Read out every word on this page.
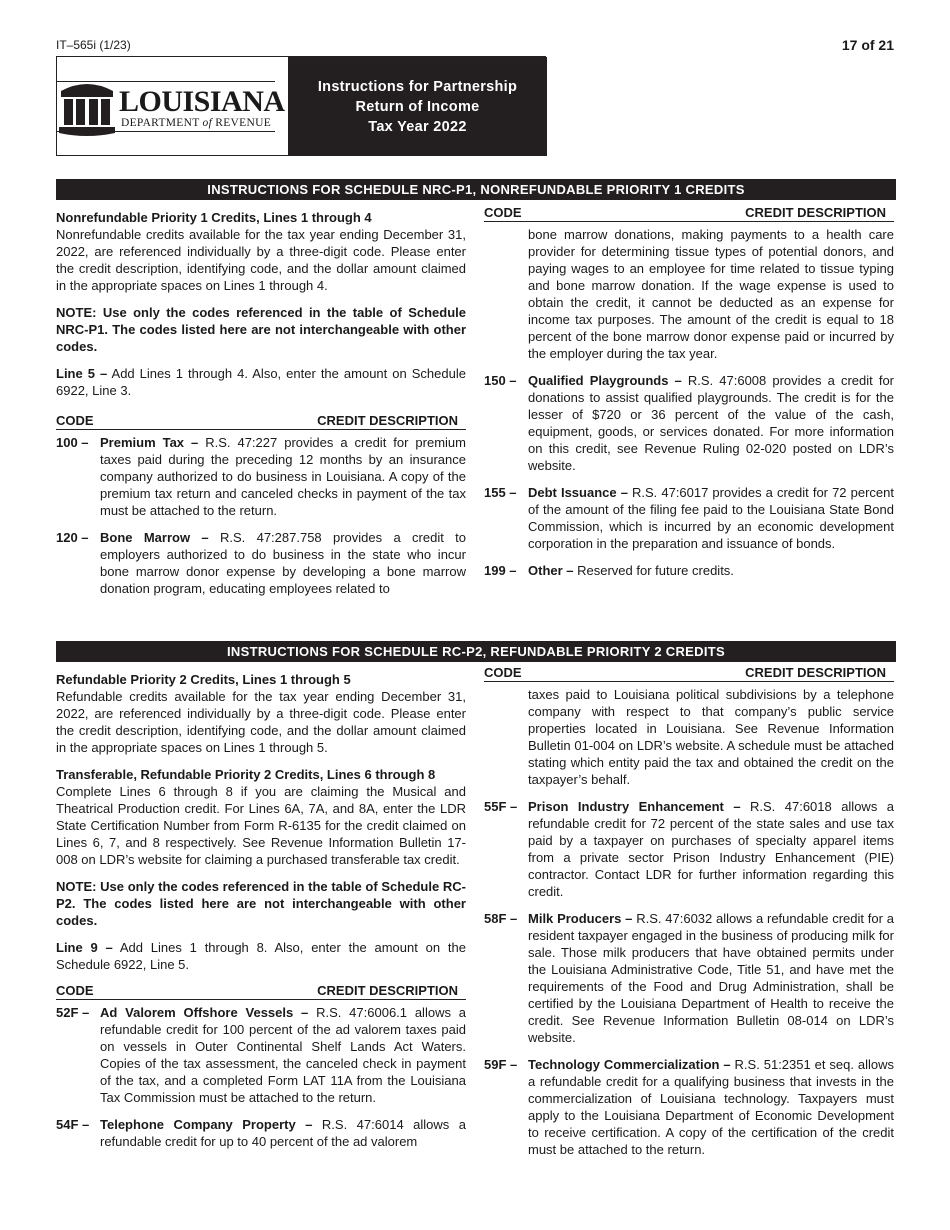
IT–565i (1/23)	17 of 21
LOUISIANA
DEPARTMENT of REVENUE
Instructions for Partnership
Return of Income
Tax Year 2022
INSTRUCTIONS FOR SCHEDULE NRC-P1, NONREFUNDABLE PRIORITY 1 CREDITS
Nonrefundable Priority 1 Credits, Lines 1 through 4

Nonrefundable credits available for the tax year ending December 31, 2022, are referenced individually by a three-digit code. Please enter the credit description, identifying code, and the dollar amount claimed in the appropriate spaces on Lines 1 through 4.

NOTE: Use only the codes referenced in the table of Schedule NRC-P1. The codes listed here are not interchangeable with other codes.

Line 5 – Add Lines 1 through 4. Also, enter the amount on Schedule 6922, Line 3.

CODE	CREDIT DESCRIPTION
100 – Premium Tax – R.S. 47:227 provides a credit for premium taxes paid during the preceding 12 months by an insurance company authorized to do business in Louisiana. A copy of the premium tax return and canceled checks in payment of the tax must be attached to the return.
120 – Bone Marrow – R.S. 47:287.758 provides a credit to employers authorized to do business in the state who incur bone marrow donor expense by developing a bone marrow donation program, educating employees related to
CODE	CREDIT DESCRIPTION
bone marrow donations, making payments to a health care provider for determining tissue types of potential donors, and paying wages to an employee for time related to tissue typing and bone marrow donation. If the wage expense is used to obtain the credit, it cannot be deducted as an expense for income tax purposes. The amount of the credit is equal to 18 percent of the bone marrow donor expense paid or incurred by the employer during the tax year.
150 – Qualified Playgrounds – R.S. 47:6008 provides a credit for donations to assist qualified playgrounds. The credit is for the lesser of $720 or 36 percent of the value of the cash, equipment, goods, or services donated. For more information on this credit, see Revenue Ruling 02-020 posted on LDR’s website.
155 – Debt Issuance – R.S. 47:6017 provides a credit for 72 percent of the amount of the filing fee paid to the Louisiana State Bond Commission, which is incurred by an economic development corporation in the preparation and issuance of bonds.
199 – Other – Reserved for future credits.
INSTRUCTIONS FOR SCHEDULE RC-P2, REFUNDABLE PRIORITY 2 CREDITS
Refundable Priority 2 Credits, Lines 1 through 5

Refundable credits available for the tax year ending December 31, 2022, are referenced individually by a three-digit code. Please enter the credit description, identifying code, and the dollar amount claimed in the appropriate spaces on Lines 1 through 5.

Transferable, Refundable Priority 2 Credits, Lines 6 through 8

Complete Lines 6 through 8 if you are claiming the Musical and Theatrical Production credit. For Lines 6A, 7A, and 8A, enter the LDR State Certification Number from Form R-6135 for the credit claimed on Lines 6, 7, and 8 respectively. See Revenue Information Bulletin 17-008 on LDR’s website for claiming a purchased transferable tax credit.

NOTE: Use only the codes referenced in the table of Schedule RC-P2. The codes listed here are not interchangeable with other codes.

Line 9 – Add Lines 1 through 8. Also, enter the amount on the Schedule 6922, Line 5.

CODE	CREDIT DESCRIPTION
52F – Ad Valorem Offshore Vessels – R.S. 47:6006.1 allows a refundable credit for 100 percent of the ad valorem taxes paid on vessels in Outer Continental Shelf Lands Act Waters. Copies of the tax assessment, the canceled check in payment of the tax, and a completed Form LAT 11A from the Louisiana Tax Commission must be attached to the return.
54F – Telephone Company Property – R.S. 47:6014 allows a refundable credit for up to 40 percent of the ad valorem
CODE	CREDIT DESCRIPTION
taxes paid to Louisiana political subdivisions by a telephone company with respect to that company’s public service properties located in Louisiana. See Revenue Information Bulletin 01-004 on LDR’s website. A schedule must be attached stating which entity paid the tax and obtained the credit on the taxpayer’s behalf.
55F – Prison Industry Enhancement – R.S. 47:6018 allows a refundable credit for 72 percent of the state sales and use tax paid by a taxpayer on purchases of specialty apparel items from a private sector Prison Industry Enhancement (PIE) contractor. Contact LDR for further information regarding this credit.
58F – Milk Producers – R.S. 47:6032 allows a refundable credit for a resident taxpayer engaged in the business of producing milk for sale. Those milk producers that have obtained permits under the Louisiana Administrative Code, Title 51, and have met the requirements of the Food and Drug Administration, shall be certified by the Louisiana Department of Health to receive the credit. See Revenue Information Bulletin 08-014 on LDR’s website.
59F – Technology Commercialization – R.S. 51:2351 et seq. allows a refundable credit for a qualifying business that invests in the commercialization of Louisiana technology. Taxpayers must apply to the Louisiana Department of Economic Development to receive certification. A copy of the certification of the credit must be attached to the return.
